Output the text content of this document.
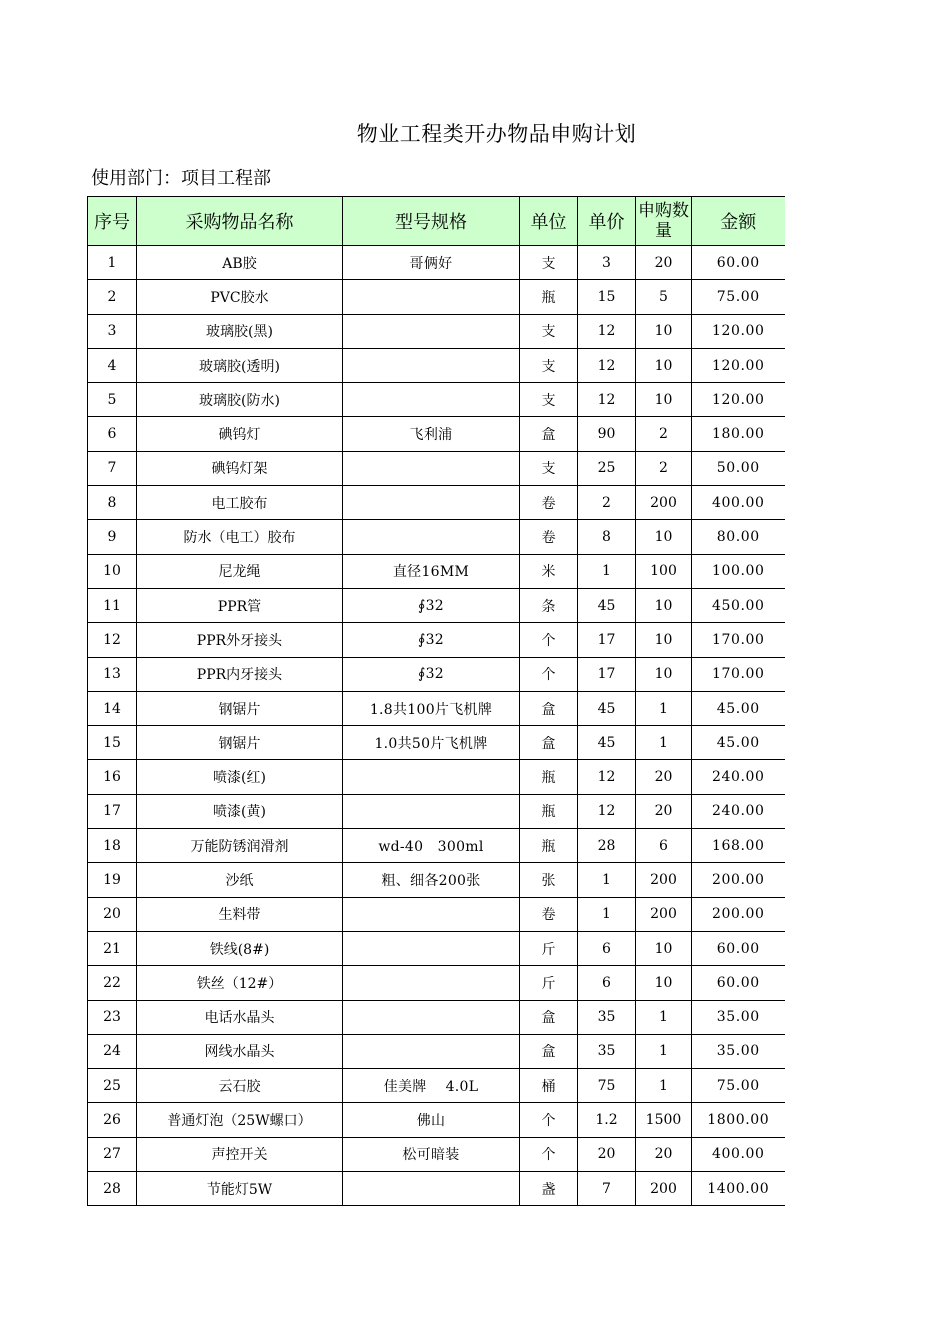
物业工程类开办物品申购计划
使用部门：项目工程部
序号	采购物品名称	型号规格	单位	单价	申购数量	金额
1	AB胶	哥俩好	支	3	20	60.00
2	PVC胶水		瓶	15	5	75.00
3	玻璃胶(黑)		支	12	10	120.00
4	玻璃胶(透明)		支	12	10	120.00
5	玻璃胶(防水)		支	12	10	120.00
6	碘钨灯	飞利浦	盒	90	2	180.00
7	碘钨灯架		支	25	2	50.00
8	电工胶布		卷	2	200	400.00
9	防水（电工）胶布		卷	8	10	80.00
10	尼龙绳	直径16MM	米	1	100	100.00
11	PPR管	∮32	条	45	10	450.00
12	PPR外牙接头	∮32	个	17	10	170.00
13	PPR内牙接头	∮32	个	17	10	170.00
14	钢锯片	1.8共100片飞机牌	盒	45	1	45.00
15	钢锯片	1.0共50片飞机牌	盒	45	1	45.00
16	喷漆(红)		瓶	12	20	240.00
17	喷漆(黄)		瓶	12	20	240.00
18	万能防锈润滑剂	wd-40　300ml	瓶	28	6	168.00
19	沙纸	粗、细各200张	张	1	200	200.00
20	生料带		卷	1	200	200.00
21	铁线(8#)		斤	6	10	60.00
22	铁丝（12#）		斤	6	10	60.00
23	电话水晶头		盒	35	1	35.00
24	网线水晶头		盒	35	1	35.00
25	云石胶	佳美牌　 4.0L	桶	75	1	75.00
26	普通灯泡（25W螺口）	佛山	个	1.2	1500	1800.00
27	声控开关	松可暗装	个	20	20	400.00
28	节能灯5W		盏	7	200	1400.00
